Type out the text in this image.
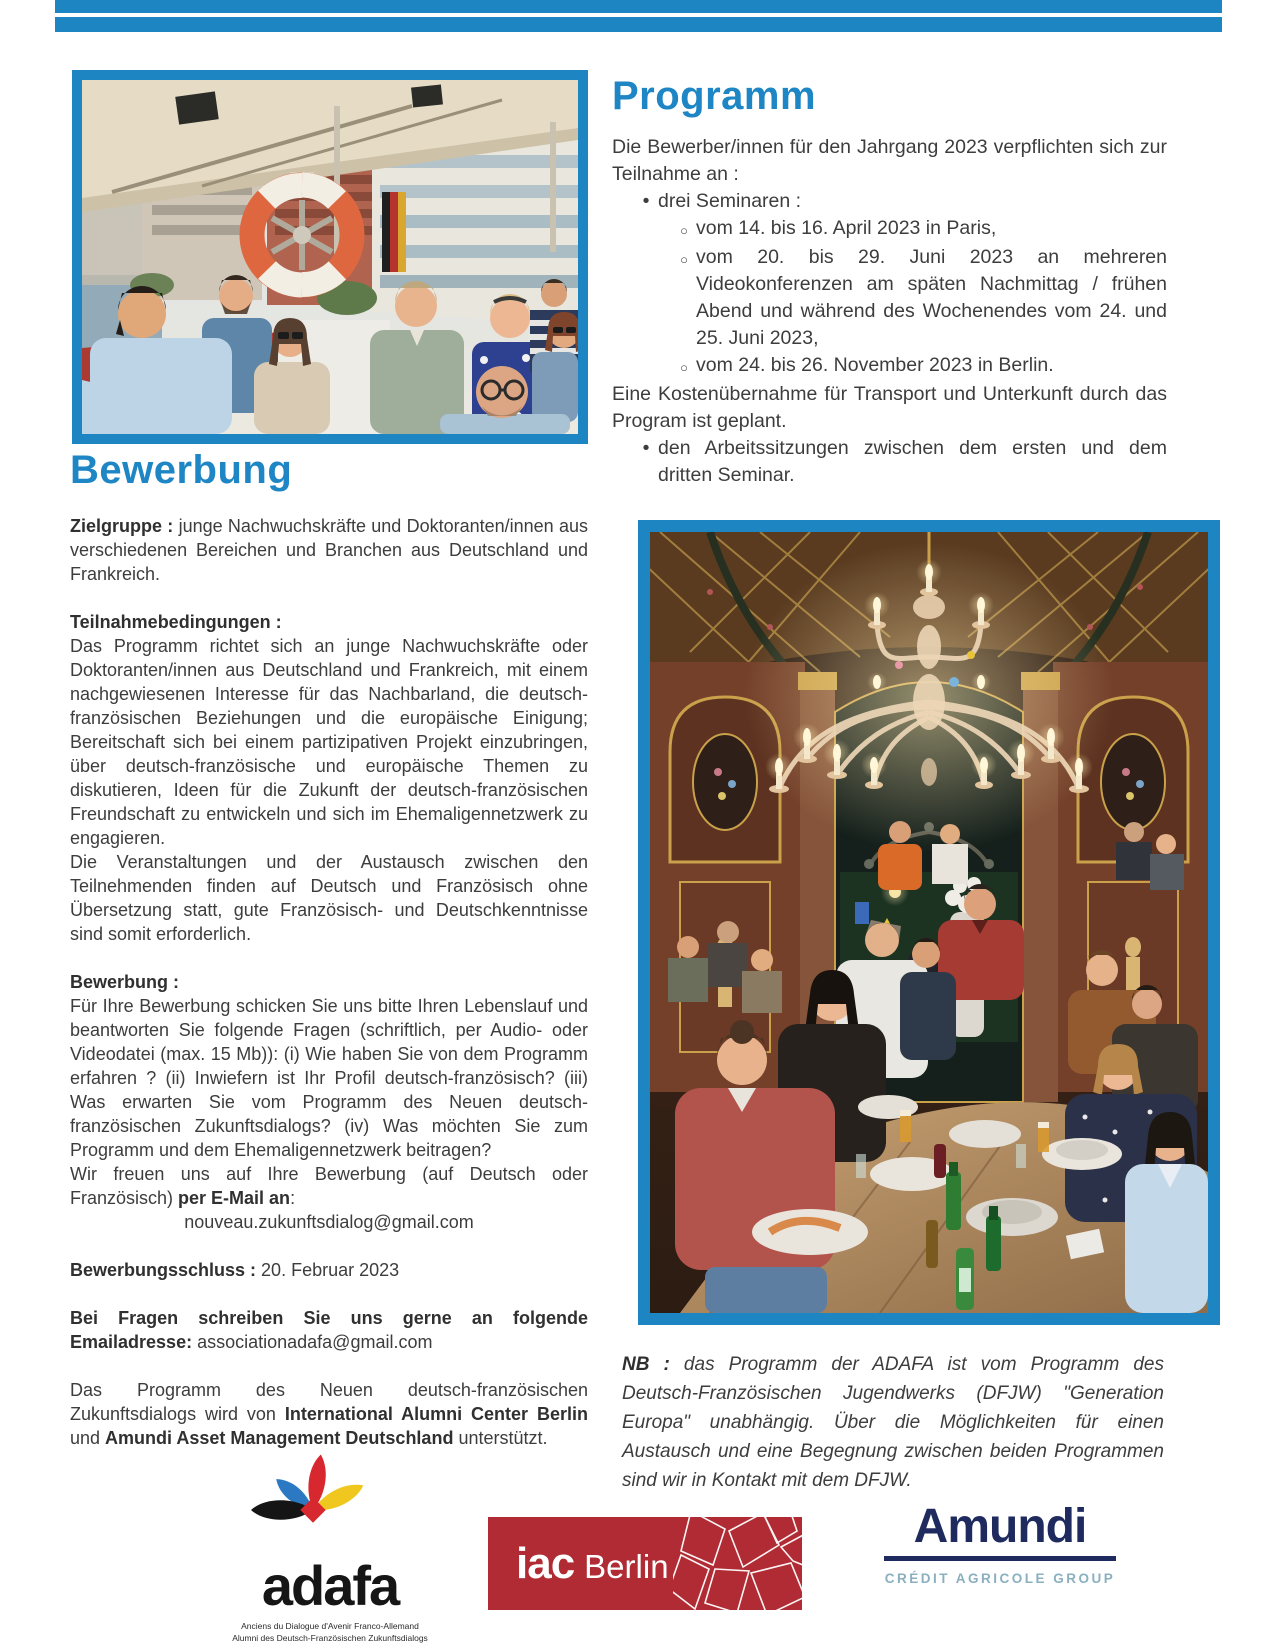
Programm

Die Bewerber/innen für den Jahrgang 2023 verpflichten sich zur Teilnahme an :

• drei Seminaren :
○ vom 14. bis 16. April 2023 in Paris,
○ vom 20. bis 29. Juni 2023 an mehreren Videokonferenzen am späten Nachmittag / frühen Abend und während des Wochenendes vom 24. und 25. Juni 2023,
○ vom 24. bis 26. November 2023 in Berlin.

Eine Kostenübernahme für Transport und Unterkunft durch das Program ist geplant.

• den Arbeitssitzungen zwischen dem ersten und dem dritten Seminar.
Bewerbung

Zielgruppe : junge Nachwuchskräfte und Doktoranten/innen aus verschiedenen Bereichen und Branchen aus Deutschland und Frankreich.

Teilnahmebedingungen :

Das Programm richtet sich an junge Nachwuchskräfte oder Doktoranten/innen aus Deutschland und Frankreich, mit einem nachgewiesenen Interesse für das Nachbarland, die deutsch-französischen Beziehungen und die europäische Einigung; Bereitschaft sich bei einem partizipativen Projekt einzubringen, über deutsch-französische und europäische Themen zu diskutieren, Ideen für die Zukunft der deutsch-französischen Freundschaft zu entwickeln und sich im Ehemaligennetzwerk zu engagieren.

Die Veranstaltungen und der Austausch zwischen den Teilnehmenden finden auf Deutsch und Französisch ohne Übersetzung statt, gute Französisch- und Deutschkenntnisse sind somit erforderlich.

Bewerbung :

Für Ihre Bewerbung schicken Sie uns bitte Ihren Lebenslauf und beantworten Sie folgende Fragen (schriftlich, per Audio- oder Videodatei (max. 15 Mb)): (i) Wie haben Sie von dem Programm erfahren ? (ii) Inwiefern ist Ihr Profil deutsch-französisch? (iii) Was erwarten Sie vom Programm des Neuen deutsch-französischen Zukunftsdialogs? (iv) Was möchten Sie zum Programm und dem Ehemaligennetzwerk beitragen?

Wir freuen uns auf Ihre Bewerbung (auf Deutsch oder Französisch) per E-Mail an:

nouveau.zukunftsdialog@gmail.com

Bewerbungsschluss : 20. Februar 2023

Bei Fragen schreiben Sie uns gerne an folgende Emailadresse: associationadafa@gmail.com

Das Programm des Neuen deutsch-französischen Zukunftsdialogs wird von International Alumni Center Berlin und Amundi Asset Management Deutschland unterstützt.

NB : das Programm der ADAFA ist vom Programm des Deutsch-Französischen Jugendwerks (DFJW) "Generation Europa" unabhängig. Über die Möglichkeiten für einen Austausch und eine Begegnung zwischen beiden Programmen sind wir in Kontakt mit dem DFJW.
adafa
Anciens du Dialogue d'Avenir Franco-Allemand
Alumni des Deutsch-Französischen Zukunftsdialogs
iac Berlin
Amundi
CRÉDIT AGRICOLE GROUP
